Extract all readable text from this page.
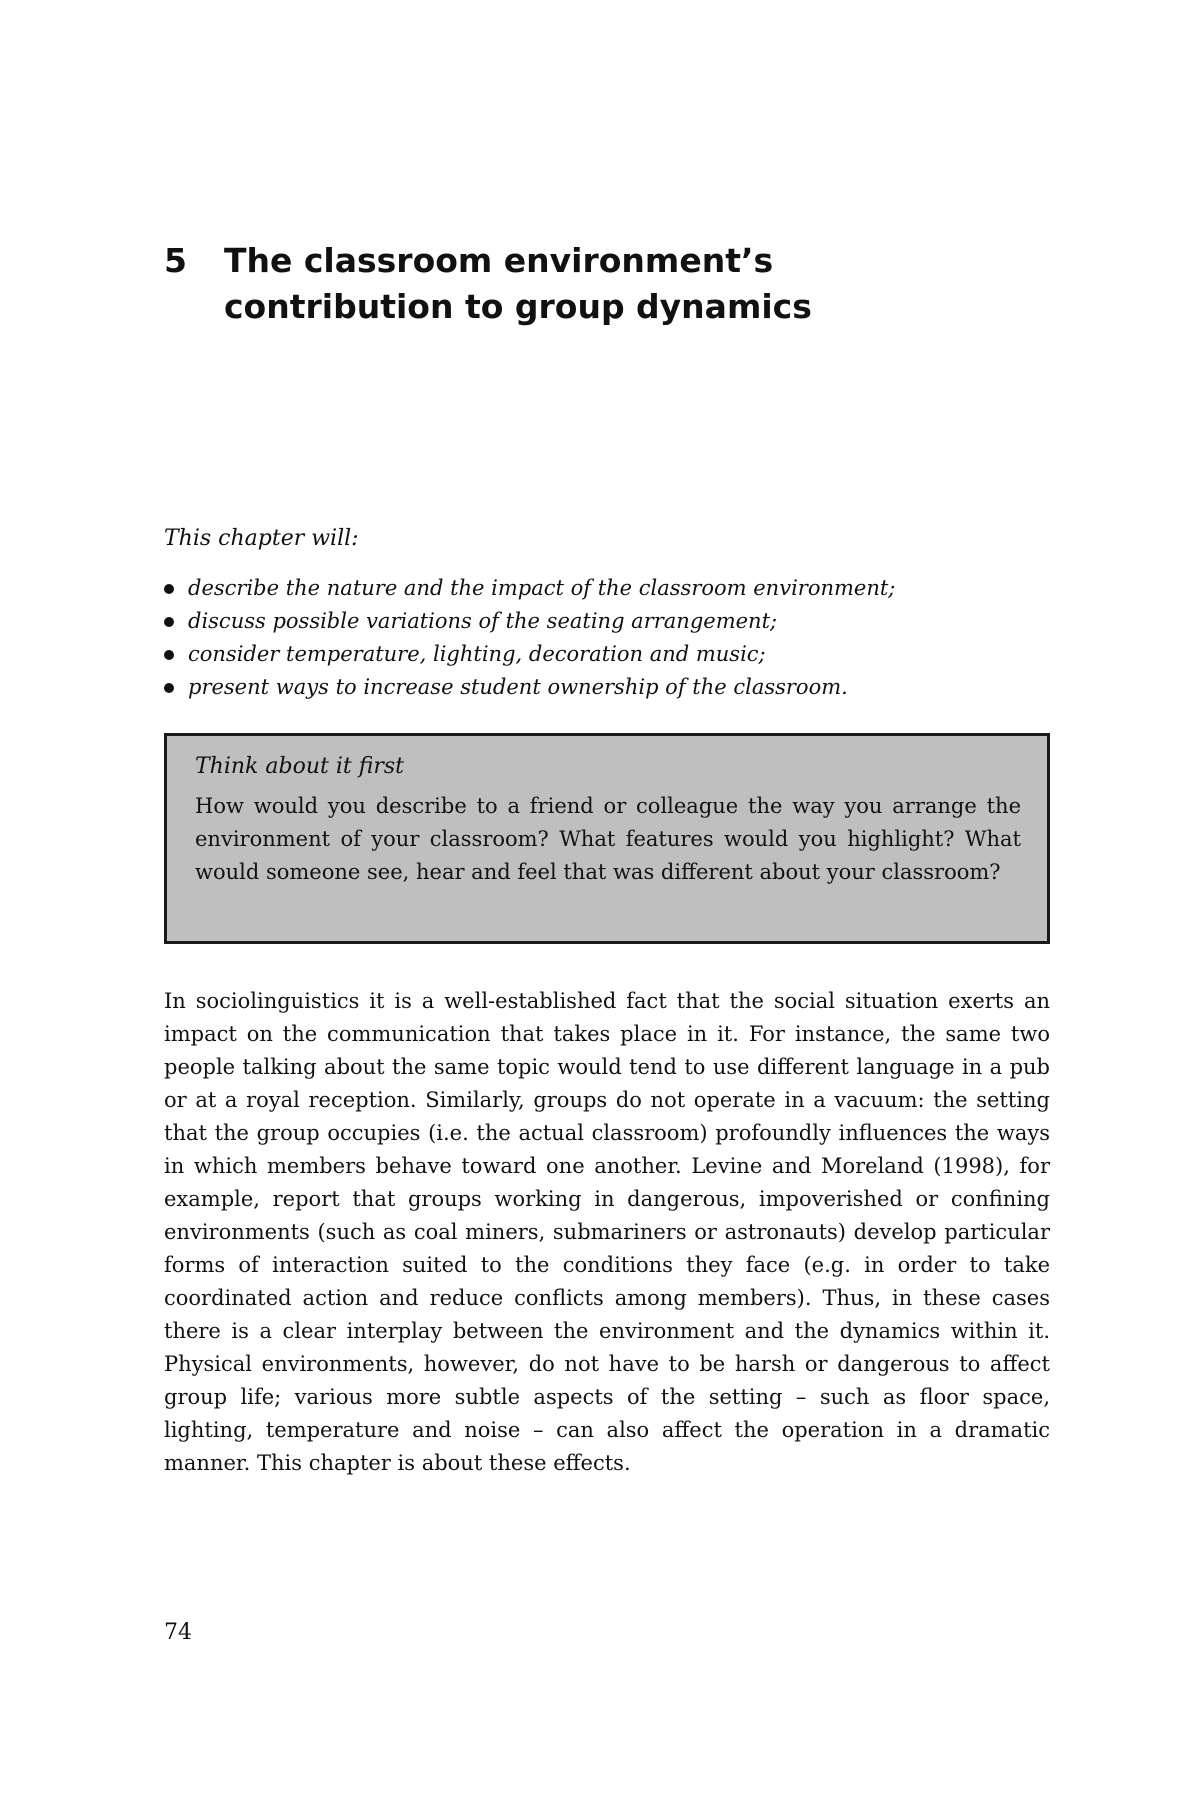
5	The classroom environment’s contribution to group dynamics
This chapter will:
describe the nature and the impact of the classroom environment;
discuss possible variations of the seating arrangement;
consider temperature, lighting, decoration and music;
present ways to increase student ownership of the classroom.

Think about it first

How would you describe to a friend or colleague the way you arrange the environment of your classroom? What features would you highlight? What would someone see, hear and feel that was different about your classroom?

In sociolinguistics it is a well-established fact that the social situation exerts an impact on the communication that takes place in it. For instance, the same two people talking about the same topic would tend to use different language in a pub or at a royal reception. Similarly, groups do not operate in a vacuum: the setting that the group occupies (i.e. the actual classroom) profoundly influences the ways in which members behave toward one another. Levine and Moreland (1998), for example, report that groups working in dangerous, impoverished or confining environments (such as coal miners, submariners or astronauts) develop particular forms of interaction suited to the conditions they face (e.g. in order to take coordinated action and reduce conflicts among members). Thus, in these cases there is a clear interplay between the environment and the dynamics within it. Physical environments, however, do not have to be harsh or dangerous to affect group life; various more subtle aspects of the setting – such as floor space, lighting, temperature and noise – can also affect the operation in a dramatic manner. This chapter is about these effects.

74
